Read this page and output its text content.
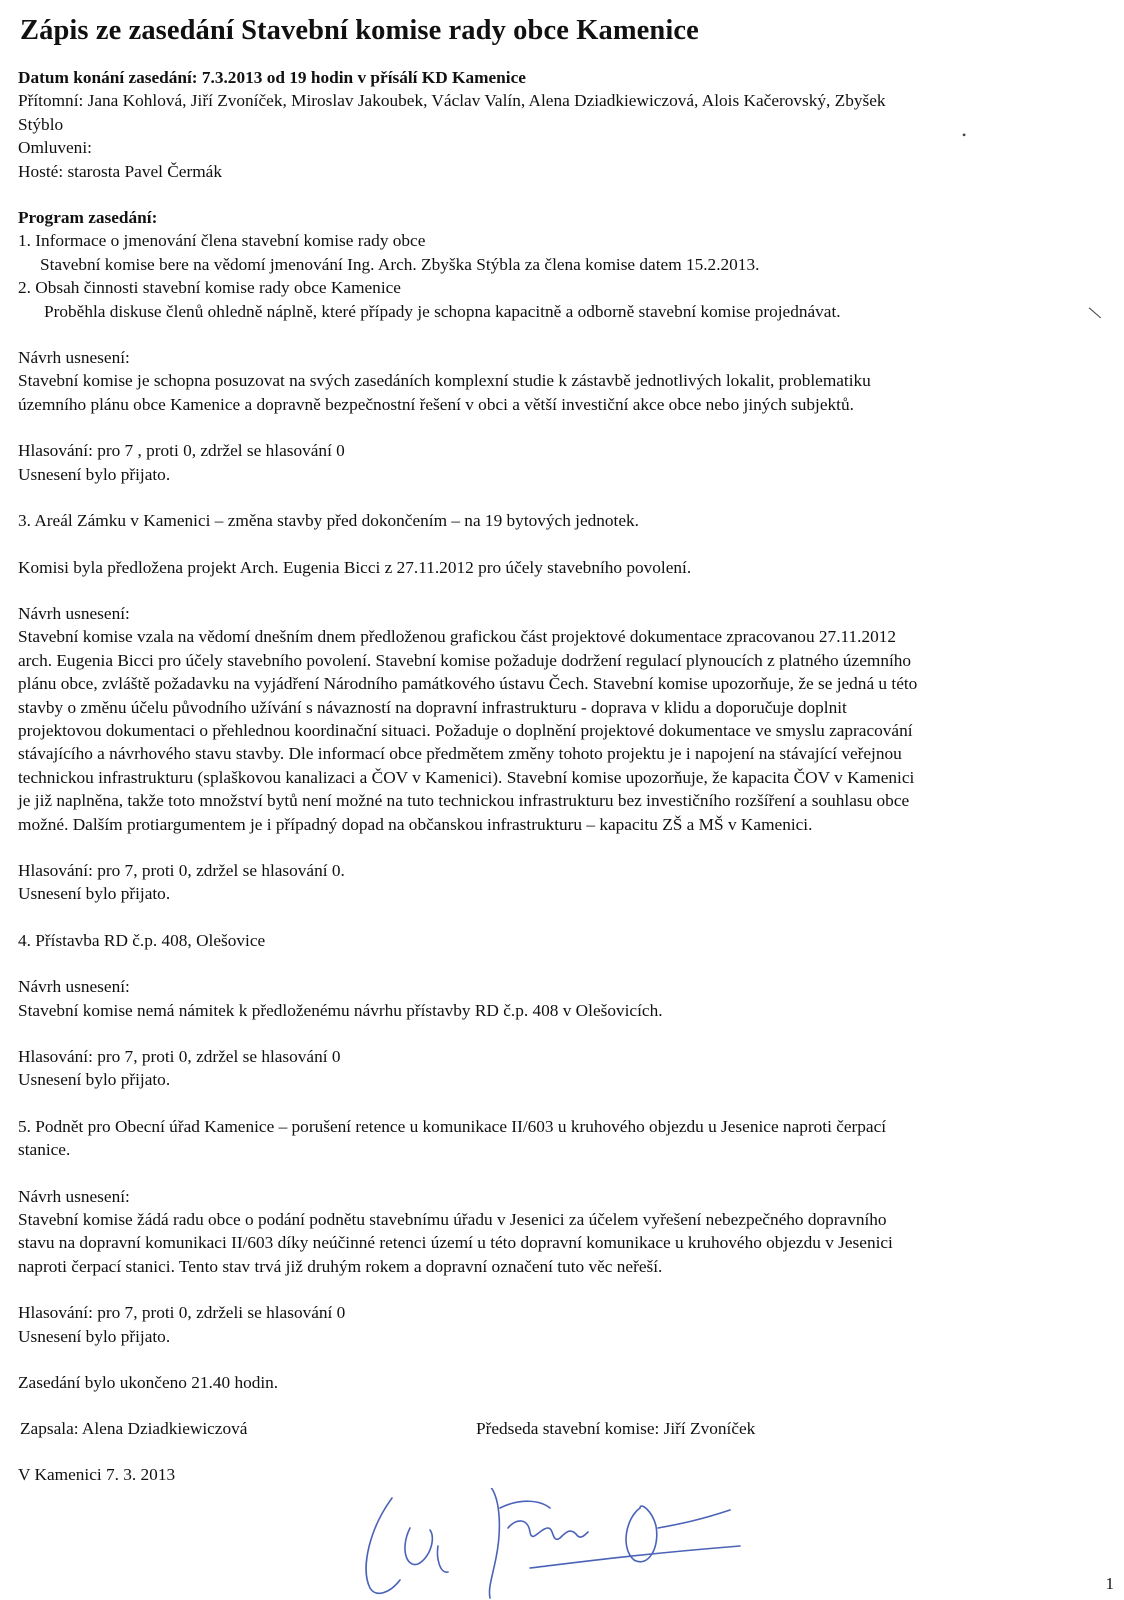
Zápis ze zasedání Stavební komise rady obce Kamenice

Datum konání zasedání: 7.3.2013 od 19 hodin v přísálí KD Kamenice

Přítomní: Jana Kohlová, Jiří Zvoníček, Miroslav Jakoubek, Václav Valín, Alena Dziadkiewiczová, Alois Kačerovský, Zbyšek

Stýblo

Omluveni:

Hosté: starosta Pavel Čermák

Program zasedání:

1. Informace o jmenování člena stavební komise rady obce

Stavební komise bere na vědomí jmenování Ing. Arch. Zbyška Stýbla za člena komise datem 15.2.2013.

2. Obsah činnosti stavební komise rady obce Kamenice

Proběhla diskuse členů ohledně náplně, které případy je schopna kapacitně a odborně stavební komise projednávat.

Návrh usnesení:

Stavební komise je schopna posuzovat na svých zasedáních komplexní studie k zástavbě jednotlivých lokalit, problematiku

územního plánu obce Kamenice a dopravně bezpečnostní řešení v obci a větší investiční akce obce nebo jiných subjektů.

Hlasování: pro 7 , proti 0, zdržel se hlasování 0

Usnesení bylo přijato.

3. Areál Zámku v Kamenici – změna stavby před dokončením – na 19 bytových jednotek.

Komisi byla předložena projekt Arch. Eugenia Bicci z 27.11.2012 pro účely stavebního povolení.

Návrh usnesení:

Stavební komise vzala na vědomí dnešním dnem předloženou grafickou část projektové dokumentace zpracovanou 27.11.2012

arch. Eugenia Bicci pro účely stavebního povolení. Stavební komise požaduje dodržení regulací plynoucích z platného územního

plánu obce, zvláště požadavku na vyjádření Národního památkového ústavu Čech. Stavební komise upozorňuje, že se jedná u této

stavby o změnu účelu původního užívání s návazností na dopravní infrastrukturu - doprava v klidu a doporučuje doplnit

projektovou dokumentaci o přehlednou koordinační situaci. Požaduje o doplnění projektové dokumentace ve smyslu zapracování

stávajícího a návrhového stavu stavby. Dle informací obce předmětem změny tohoto projektu je i napojení na stávající veřejnou

technickou infrastrukturu (splaškovou kanalizaci a ČOV v Kamenici). Stavební komise upozorňuje, že kapacita ČOV v Kamenici

je již naplněna, takže toto množství bytů není možné na tuto technickou infrastrukturu bez investičního rozšíření a souhlasu obce

možné. Dalším protiargumentem je i případný dopad na občanskou infrastrukturu – kapacitu ZŠ a MŠ v Kamenici.

Hlasování: pro 7, proti 0, zdržel se hlasování 0.

Usnesení bylo přijato.

4. Přístavba RD č.p. 408, Olešovice

Návrh usnesení:

Stavební komise nemá námitek k předloženému návrhu přístavby RD č.p. 408 v Olešovicích.

Hlasování: pro 7, proti 0, zdržel se hlasování 0

Usnesení bylo přijato.

5. Podnět pro Obecní úřad Kamenice – porušení retence u komunikace II/603 u kruhového objezdu u Jesenice naproti čerpací

stanice.

Návrh usnesení:

Stavební komise žádá radu obce o podání podnětu stavebnímu úřadu v Jesenici za účelem vyřešení nebezpečného dopravního

stavu na dopravní komunikaci II/603 díky neúčinné retenci území u této dopravní komunikace u kruhového objezdu v Jesenici

naproti čerpací stanici. Tento stav trvá již druhým rokem a dopravní označení tuto věc neřeší.

Hlasování: pro 7, proti 0, zdrželi se hlasování 0

Usnesení bylo přijato.

Zasedání bylo ukončeno 21.40 hodin.

Zapsala: Alena Dziadkiewiczová	Předseda stavební komise: Jiří Zvoníček

V Kamenici 7. 3. 2013

•
\
1
